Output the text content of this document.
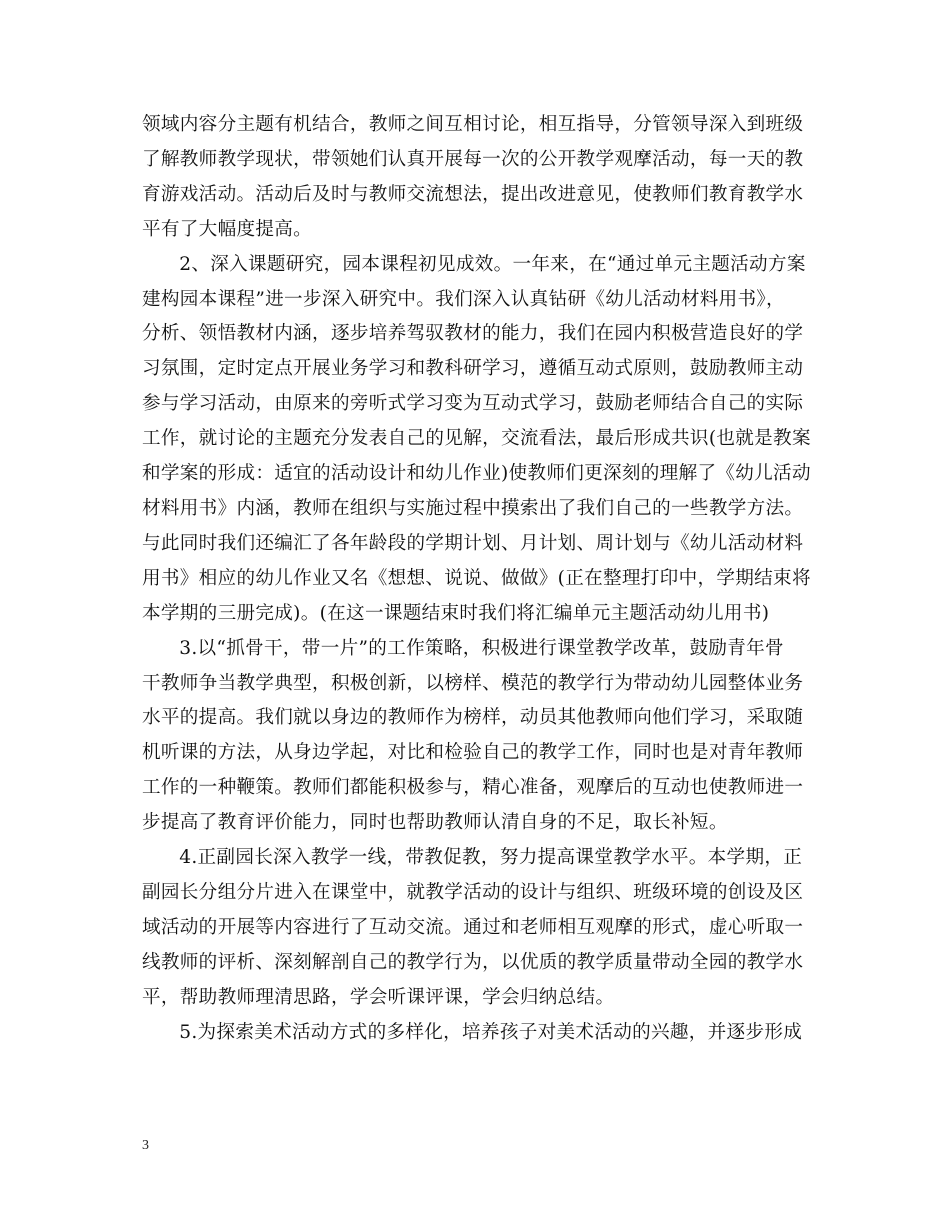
领域内容分主题有机结合，教师之间互相讨论，相互指导，分管领导深入到班级
了解教师教学现状，带领她们认真开展每一次的公开教学观摩活动，每一天的教
育游戏活动。活动后及时与教师交流想法，提出改进意见，使教师们教育教学水
平有了大幅度提高。

2、深入课题研究，园本课程初见成效。一年来，在“通过单元主题活动方案
建构园本课程”进一步深入研究中。我们深入认真钻研《幼儿活动材料用书》，
分析、领悟教材内涵，逐步培养驾驭教材的能力，我们在园内积极营造良好的学
习氛围，定时定点开展业务学习和教科研学习，遵循互动式原则，鼓励教师主动
参与学习活动，由原来的旁听式学习变为互动式学习，鼓励老师结合自己的实际
工作，就讨论的主题充分发表自己的见解，交流看法，最后形成共识(也就是教案
和学案的形成：适宜的活动设计和幼儿作业)使教师们更深刻的理解了《幼儿活动
材料用书》内涵，教师在组织与实施过程中摸索出了我们自己的一些教学方法。
与此同时我们还编汇了各年龄段的学期计划、月计划、周计划与《幼儿活动材料
用书》相应的幼儿作业又名《想想、说说、做做》(正在整理打印中，学期结束将
本学期的三册完成)。(在这一课题结束时我们将汇编单元主题活动幼儿用书)

3.以“抓骨干，带一片”的工作策略，积极进行课堂教学改革，鼓励青年骨
干教师争当教学典型，积极创新，以榜样、模范的教学行为带动幼儿园整体业务
水平的提高。我们就以身边的教师作为榜样，动员其他教师向他们学习，采取随
机听课的方法，从身边学起，对比和检验自己的教学工作，同时也是对青年教师
工作的一种鞭策。教师们都能积极参与，精心准备，观摩后的互动也使教师进一
步提高了教育评价能力，同时也帮助教师认清自身的不足，取长补短。

4.正副园长深入教学一线，带教促教，努力提高课堂教学水平。本学期，正
副园长分组分片进入在课堂中，就教学活动的设计与组织、班级环境的创设及区
域活动的开展等内容进行了互动交流。通过和老师相互观摩的形式，虚心听取一
线教师的评析、深刻解剖自己的教学行为，以优质的教学质量带动全园的教学水
平，帮助教师理清思路，学会听课评课，学会归纳总结。

5.为探索美术活动方式的多样化，培养孩子对美术活动的兴趣，并逐步形成

3
